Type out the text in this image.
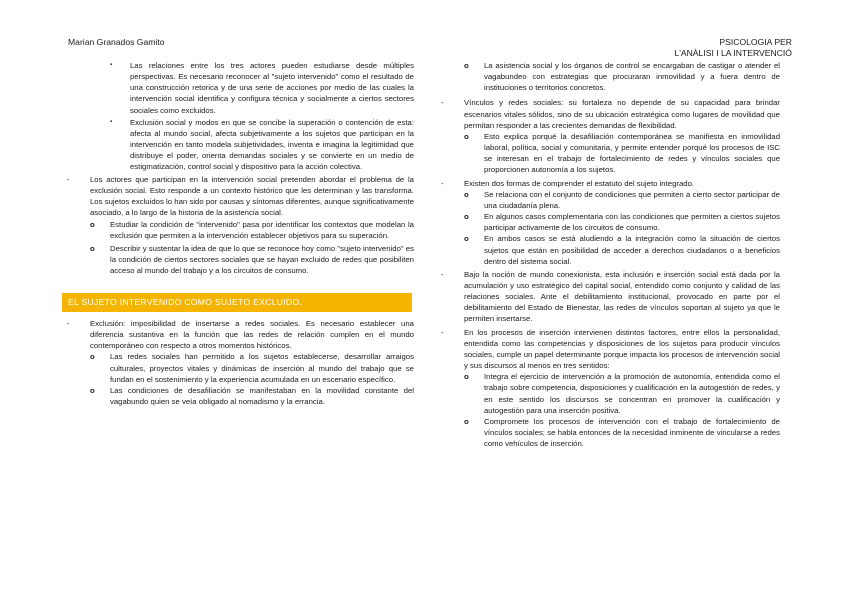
Marian Granados Gamito	PSICOLOGIA PER
L'ANÀLISI I LA INTERVENCIÓ
▪ Las relaciones entre los tres actores pueden estudiarse desde múltiples perspectivas. Es necesario reconocer al "sujeto intervenido" como el resultado de una construcción retorica y de una serie de acciones por medio de las cuales la intervención social identifica y configura técnica y socialmente a ciertos sectores sociales como excluidos.
▪ Exclusión social y modos en que se concibe la superación o contención de esta: afecta al mundo social, afecta subjetivamente a los sujetos que participan en la intervención en tanto modela subjetividades, inventa e imagina la legitimidad que distribuye el poder, orienta demandas sociales y se convierte en un medio de estigmatización, control social y dispositivo para la acción colectiva.
-	Los actores que participan en la intervención social pretenden abordar el problema de la exclusión social. Esto responde a un contexto histórico que les determinan y las transforma. Los sujetos excluidos lo han sido por causas y síntomas diferentes, aunque significativamente asociado, a lo largo de la historia de la asistencia social.
o Estudiar la condición de "intervenido" pasa por identificar los contextos que modelan la exclusión que permiten a la intervención establecer objetivos para su superación.
o Describir y sustentar la idea de que lo que se reconoce hoy como "sujeto intervenido" es la condición de ciertos sectores sociales que se hayan excluido de redes que posibiliten acceso al mundo del trabajo y a los circuitos de consumo.
EL SUJETO INTERVENIDO COMO SUJETO EXCLUIDO.
-	Exclusión: imposibilidad de insertarse a redes sociales. Es necesario establecer una diferencia sustantiva en la función que las redes de relación cumplen en el mundo contemporáneo con respecto a otros momentos históricos.
o Las redes sociales han permitido a los sujetos establecerse, desarrollar arraigos culturales, proyectos vitales y dinámicas de inserción al mundo del trabajo que se fundan en el sostenimiento y la experiencia acumulada en un escenario específico.
o Las condiciones de desafiliación se manifestaban en la movilidad constante del vagabundo quien se veía obligado al nomadismo y la errancia.
o La asistencia social y los órganos de control se encargaban de castigar o atender el vagabundeo con estrategias que procuraran inmovilidad y a fuera dentro de instituciones o territorios concretos.
-	Vínculos y redes sociales: su fortaleza no depende de su capacidad para brindar escenarios vitales sólidos, sino de su ubicación estratégica como lugares de movilidad que permitan responder a las crecientes demandas de flexibilidad.
o Esto explica porqué la desafiliación contemporánea se manifiesta en inmovilidad laboral, política, social y comunitaria, y permite entender porqué los procesos de ISC se interesan en el trabajo de fortalecimiento de redes y vínculos sociales que proporcionen autonomía a los sujetos.
-	Existen dos formas de comprender el estatuto del sujeto integrado.
o Se relaciona con el conjunto de condiciones que permiten a cierto sector participar de una ciudadanía plena.
o En algunos casos complementaria con las condiciones que permiten a ciertos sujetos participar activamente de los circuitos de consumo.
o En ambos casos se está aludiendo a la integración como la situación de ciertos sujetos que están en posibilidad de acceder a derechos ciudadanos o a beneficios dentro del sistema social.
-	Bajo la noción de mundo conexionista, esta inclusión e inserción social está dada por la acumulación y uso estratégico del capital social, entendido como conjunto y calidad de las relaciones sociales. Ante el debilitamiento institucional, provocado en parte por el debilitamiento del Estado de Bienestar, las redes de vínculos soportan al sujeto ya que le permiten insertarse.
-	En los procesos de inserción intervienen distintos factores, entre ellos la personalidad, entendida como las competencias y disposiciones de los sujetos para producir vínculos sociales, cumple un papel determinante porque impacta los procesos de intervención social y sus discursos al menos en tres sentidos:
o Integra el ejercicio de intervención a la promoción de autonomía, entendida como el trabajo sobre competencia, disposiciones y cualificación en la autogestión de redes, y en este sentido los discursos se concentran en promover la cualificación y autogestión para una inserción positiva.
o Compromete los procesos de intervención con el trabajo de fortalecimiento de vínculos sociales; se habla entonces de la necesidad inminente de vincularse a redes como vehículos de inserción.
